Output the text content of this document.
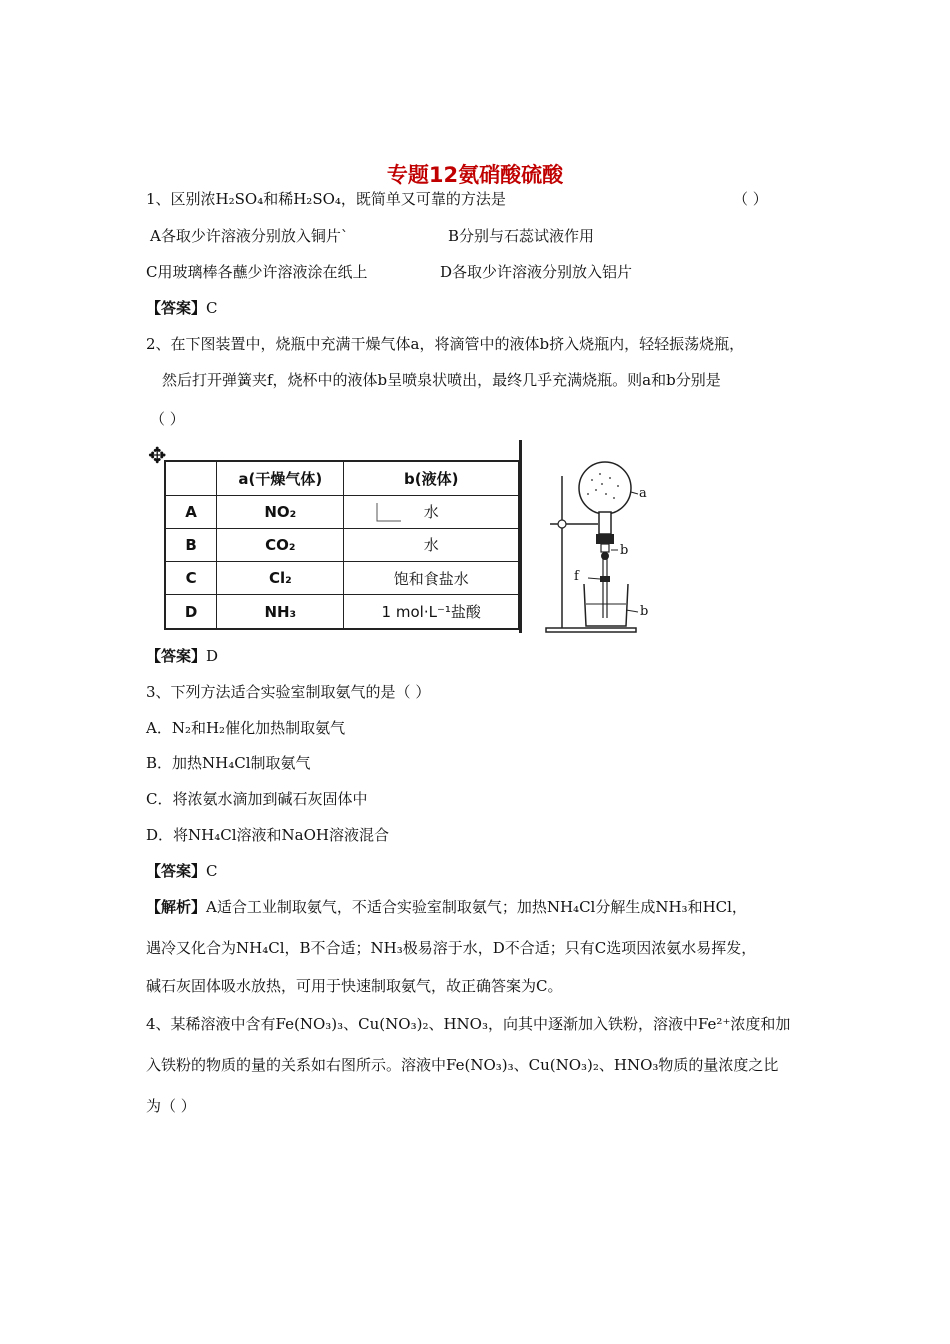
专题12氨硝酸硫酸
1、区别浓H₂SO₄和稀H₂SO₄，既简单又可靠的方法是	（ ）
A各取少许溶液分别放入铜片`	B分别与石蕊试液作用
C用玻璃棒各蘸少许溶液涂在纸上	D各取少许溶液分别放入铝片
【答案】C
2、在下图装置中，烧瓶中充满干燥气体a，将滴管中的液体b挤入烧瓶内，轻轻振荡烧瓶，
然后打开弹簧夹f，烧杯中的液体b呈喷泉状喷出，最终几乎充满烧瓶。则a和b分别是
（ ）
✥
	a(干燥气体)	b(液体)
A	NO₂	水
B	CO₂	水
C	Cl₂	饱和食盐水
D	NH₃	1 mol·L⁻¹盐酸
a
b
f
b
【答案】D
3、下列方法适合实验室制取氨气的是（ ）
A．N₂和H₂催化加热制取氨气
B．加热NH₄Cl制取氨气
C．将浓氨水滴加到碱石灰固体中
D．将NH₄Cl溶液和NaOH溶液混合
【答案】C
【解析】A适合工业制取氨气，不适合实验室制取氨气；加热NH₄Cl分解生成NH₃和HCl，
遇冷又化合为NH₄Cl，B不合适；NH₃极易溶于水，D不合适；只有C选项因浓氨水易挥发，
碱石灰固体吸水放热，可用于快速制取氨气，故正确答案为C。
4、某稀溶液中含有Fe(NO₃)₃、Cu(NO₃)₂、HNO₃，向其中逐渐加入铁粉，溶液中Fe²⁺浓度和加
入铁粉的物质的量的关系如右图所示。溶液中Fe(NO₃)₃、Cu(NO₃)₂、HNO₃物质的量浓度之比
为（ ）
